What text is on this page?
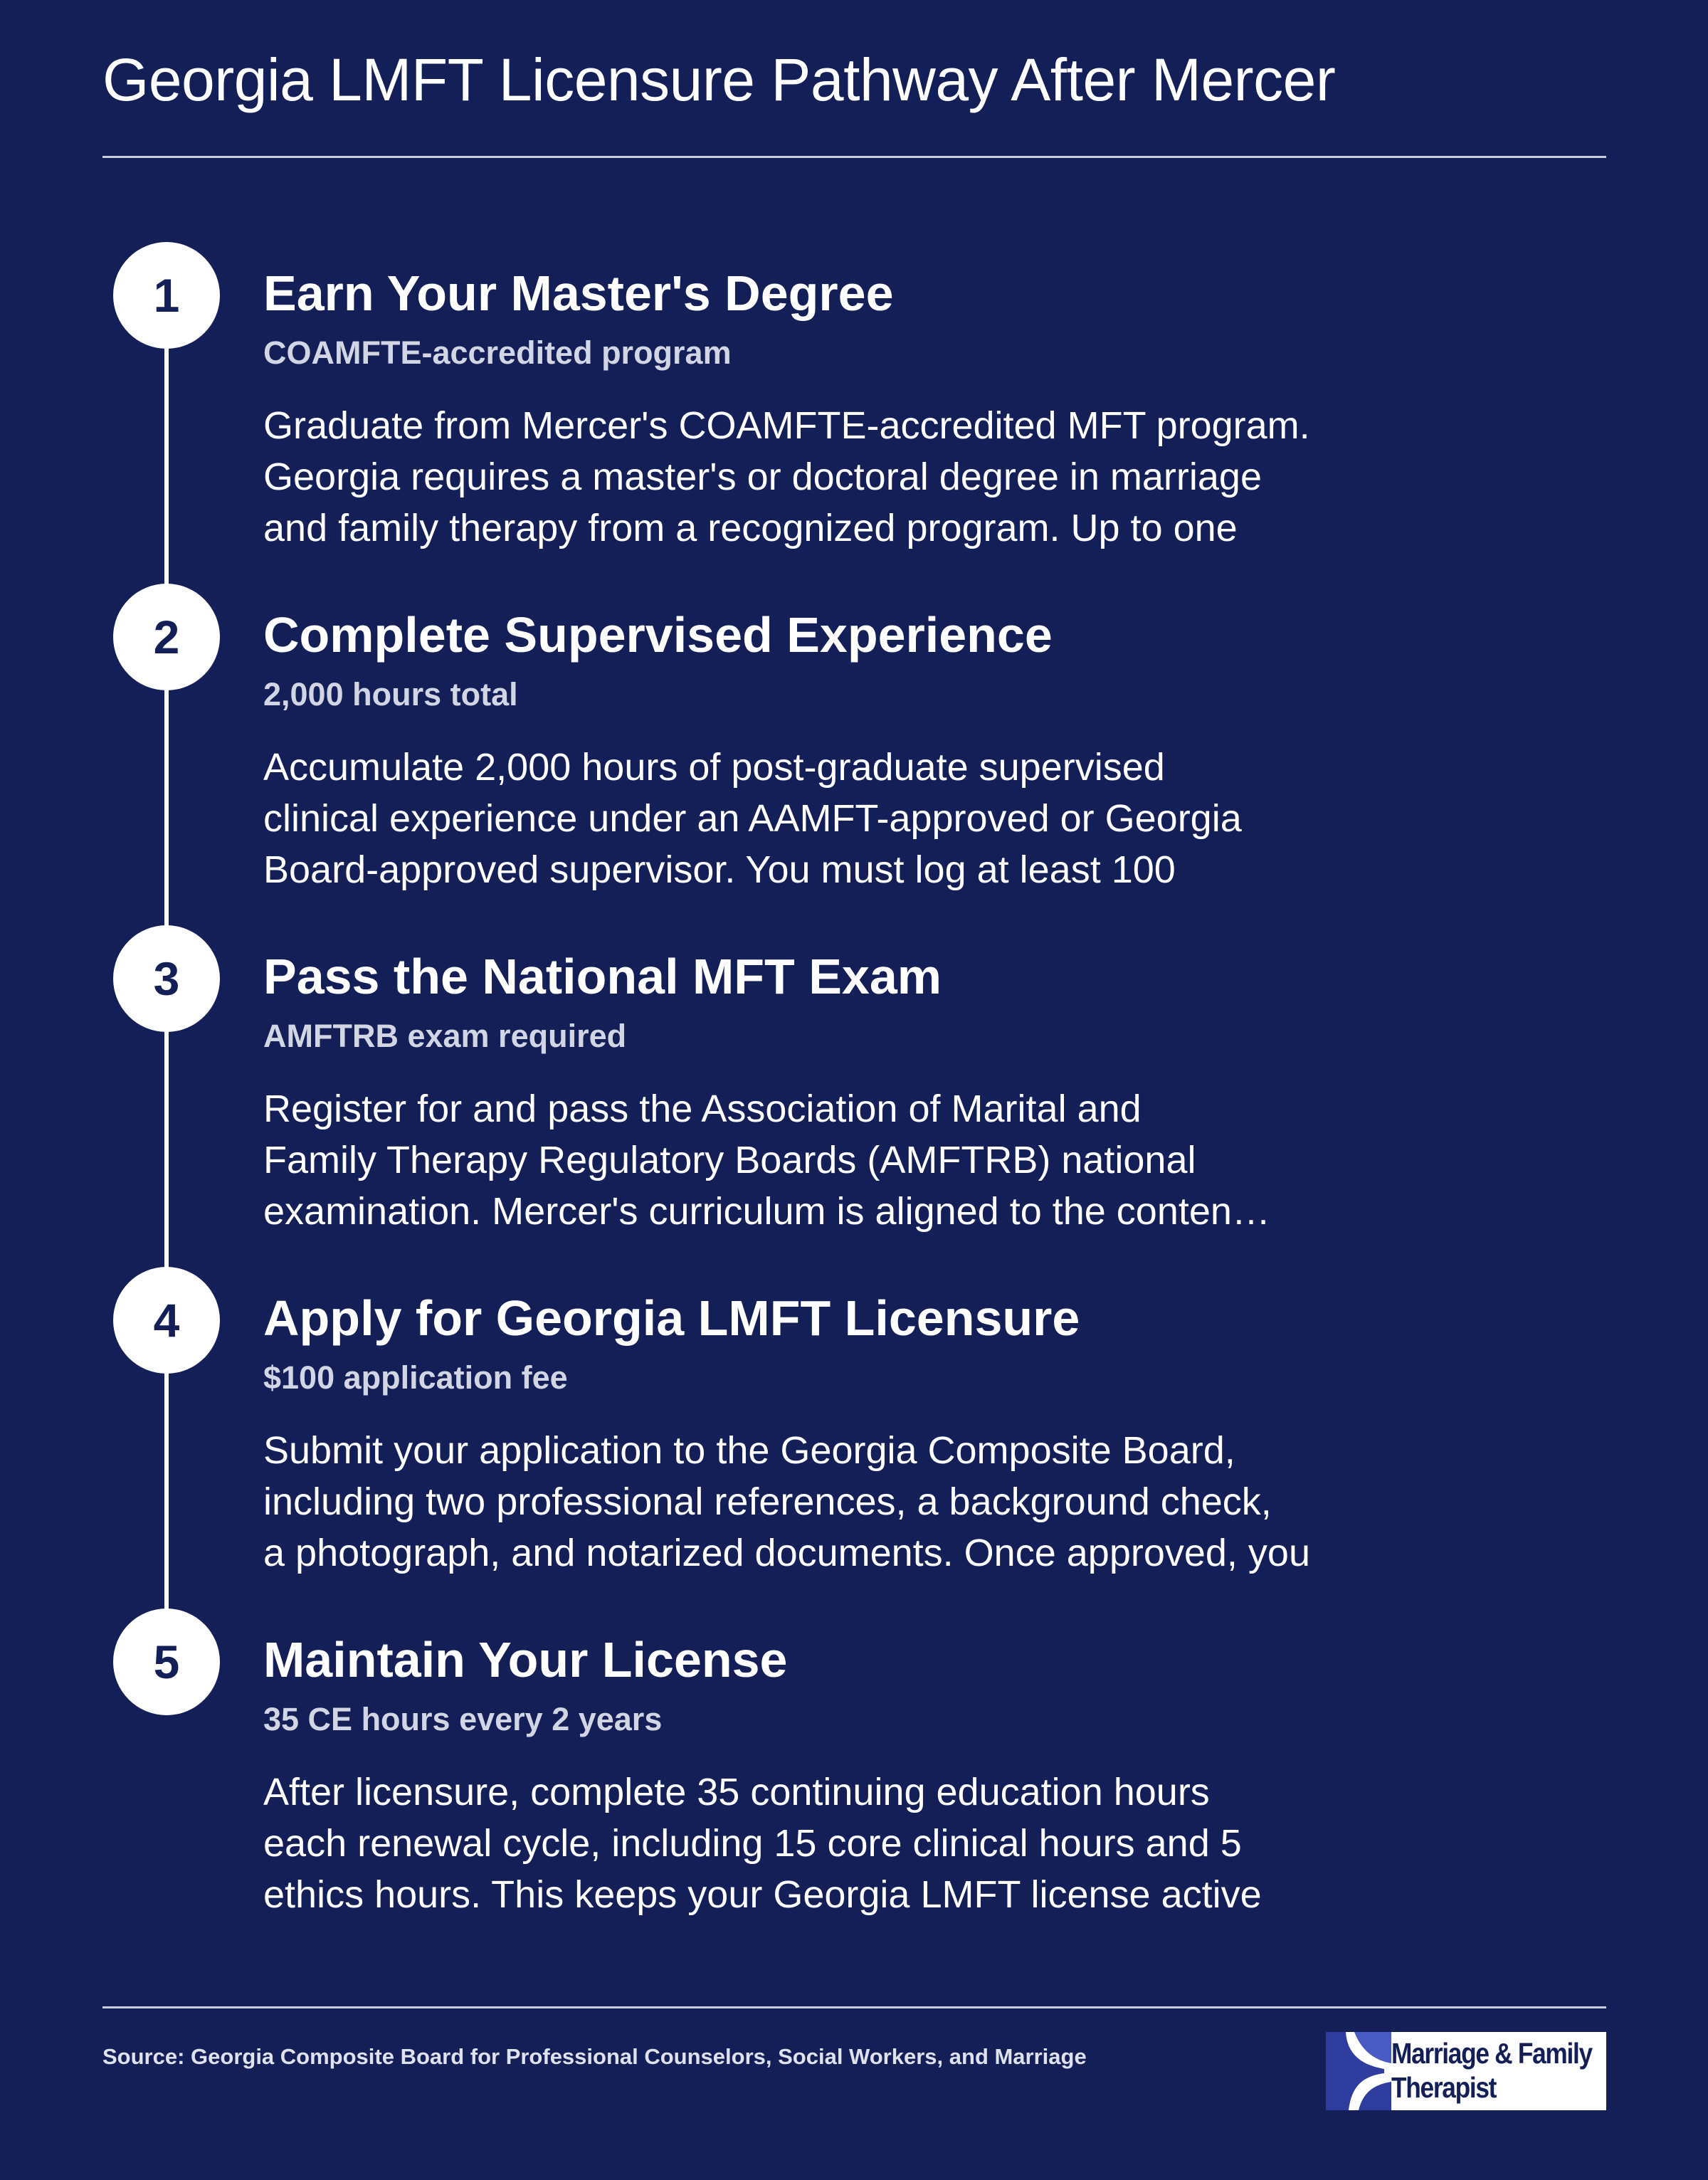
Georgia LMFT Licensure Pathway After Mercer
1	Earn Your Master's Degree
COAMFTE-accredited program

Graduate from Mercer's COAMFTE-accredited MFT program.
Georgia requires a master's or doctoral degree in marriage
and family therapy from a recognized program. Up to one

2	Complete Supervised Experience
2,000 hours total

Accumulate 2,000 hours of post-graduate supervised
clinical experience under an AAMFT-approved or Georgia
Board-approved supervisor. You must log at least 100

3	Pass the National MFT Exam
AMFTRB exam required

Register for and pass the Association of Marital and
Family Therapy Regulatory Boards (AMFTRB) national
examination. Mercer's curriculum is aligned to the conten…

4	Apply for Georgia LMFT Licensure
$100 application fee

Submit your application to the Georgia Composite Board,
including two professional references, a background check,
a photograph, and notarized documents. Once approved, you

5	Maintain Your License
35 CE hours every 2 years

After licensure, complete 35 continuing education hours
each renewal cycle, including 15 core clinical hours and 5
ethics hours. This keeps your Georgia LMFT license active

Source: Georgia Composite Board for Professional Counselors, Social Workers, and Marriage	Marriage & Family
Therapist
